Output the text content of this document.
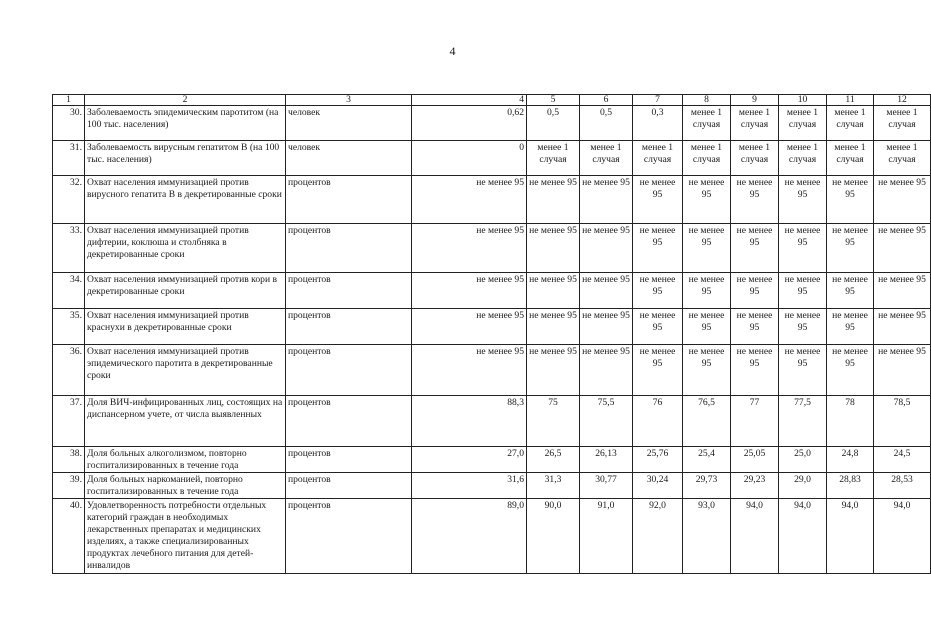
4
1	2	3	4	5	6	7	8	9	10	11	12
30.	Заболеваемость эпидемическим паротитом (на 100 тыс. населения)	человек	0,62	0,5	0,5	0,3	менее 1 случая	менее 1 случая	менее 1 случая	менее 1 случая	менее 1 случая
31.	Заболеваемость вирусным гепатитом В (на 100 тыс. населения)	человек	0	менее 1 случая	менее 1 случая	менее 1 случая	менее 1 случая	менее 1 случая	менее 1 случая	менее 1 случая	менее 1 случая
32.	Охват населения иммунизацией против вирусного гепатита В в декретированные сроки	процентов	не менее 95	не менее 95	не менее 95	не менее 95	не менее 95	не менее 95	не менее 95	не менее 95	не менее 95
33.	Охват населения иммунизацией против дифтерии, коклюша и столбняка в декретированные сроки	процентов	не менее 95	не менее 95	не менее 95	не менее 95	не менее 95	не менее 95	не менее 95	не менее 95	не менее 95
34.	Охват населения иммунизацией против кори в декретированные сроки	процентов	не менее 95	не менее 95	не менее 95	не менее 95	не менее 95	не менее 95	не менее 95	не менее 95	не менее 95
35.	Охват населения иммунизацией против краснухи в декретированные сроки	процентов	не менее 95	не менее 95	не менее 95	не менее 95	не менее 95	не менее 95	не менее 95	не менее 95	не менее 95
36.	Охват населения иммунизацией против эпидемического паротита в декретированные сроки	процентов	не менее 95	не менее 95	не менее 95	не менее 95	не менее 95	не менее 95	не менее 95	не менее 95	не менее 95
37.	Доля ВИЧ-инфицированных лиц, состоящих на диспансерном учете, от числа выявленных	процентов	88,3	75	75,5	76	76,5	77	77,5	78	78,5
38.	Доля больных алкоголизмом, повторно госпитализированных в течение года	процентов	27,0	26,5	26,13	25,76	25,4	25,05	25,0	24,8	24,5
39.	Доля больных наркоманией, повторно госпитализированных в течение года	процентов	31,6	31,3	30,77	30,24	29,73	29,23	29,0	28,83	28,53
40.	Удовлетворенность потребности отдельных категорий граждан в необходимых лекарственных препаратах и медицинских изделиях, а также специализированных продуктах лечебного питания для детей-инвалидов	процентов	89,0	90,0	91,0	92,0	93,0	94,0	94,0	94,0	94,0
